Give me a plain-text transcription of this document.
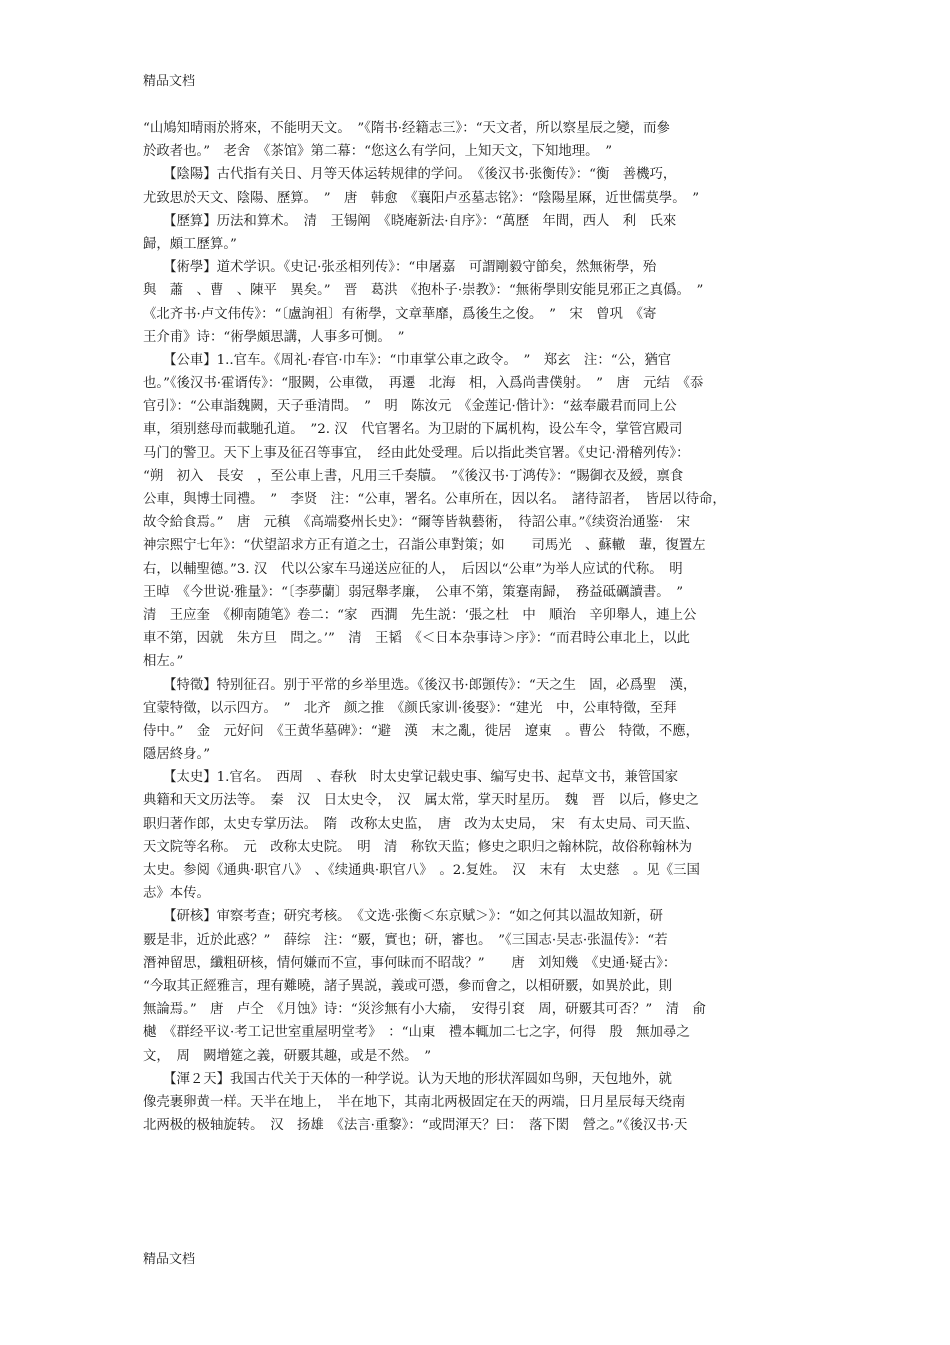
精品文档
“山鳩知晴雨於將來，不能明天文。　”《隋书·经籍志三》：“天文者，所以察星辰之變，而參
於政者也。”　老舍　《茶馆》第二幕：“您这么有学问，上知天文，下知地理。　”
　　【陰陽】古代指有关日、月等天体运转规律的学问。　《後汉书·张衡传》：“衡　善機巧，
尤致思於天文、陰陽、歷算。　”　唐　韩愈　《襄阳卢丞墓志铭》：“陰陽星厤，近世儒莫學。　”
　　【歷算】历法和算术。　清　王锡阐　《晓庵新法·自序》：“萬歷　年間，西人　利　氏來
歸，頗工歷算。”
　　【術學】道术学识。《史记·张丞相列传》：“申屠嘉　可謂剛毅守節矣，然無術學，殆
與　蕭　、曹　、陳平　異矣。”　晋　葛洪　《抱朴子·崇教》：“無術學則安能見邪正之真僞。　”
《北齐书·卢文伟传》：“〔盧詢祖〕有術學，文章華靡，爲後生之俊。　”　宋　曾巩　《寄
王介甫》诗：“術學頗思講，人事多可惻。　”
　　【公車】1..官车。《周礼·春官·巾车》：“巾車掌公車之政令。　”　郑玄　注：“公，猶官
也。”《後汉书·霍谞传》：“服闕，公車徵，　再遷　北海　相，入爲尚書僕射。　”　唐　元结　《忝
官引》：“公車詣魏闕，天子垂清問。　”　明　陈汝元　《金莲记·偕计》：“兹奉嚴君而同上公
車，須别慈母而載馳孔道。　”2. 汉　代官署名。为卫尉的下属机构，设公车令，掌管宫殿司
马门的警卫。天下上事及征召等事宜，　经由此处受理。后以指此类官署。《史记·滑稽列传》：
“朔　初入　長安　，至公車上書，凡用三千奏牘。　”《後汉书·丁鸿传》：“賜御衣及綬，禀食
公車，與博士同禮。　”　李贤　注：“公車，署名。公車所在，因以名。　諸待詔者，　皆居以待命，
故令給食焉。”　唐　元稹　《高端婺州长史》：“爾等皆執藝術，　待詔公車。”《续资治通鉴·　宋
神宗熙宁七年》：“伏望詔求方正有道之士，召詣公車對策；如　　司馬光　、蘇轍　輩，復置左
右，以輔聖德。”3. 汉　代以公家车马递送应征的人，　后因以“公車”为举人应试的代称。　明
王晫　《今世说·雅量》：“〔李夢蘭〕弱冠舉孝廉，　公車不第，策蹇南歸，　務益砥礪讀書。　”
清　王应奎　《柳南随笔》卷二：“家　西澗　先生説：‘張之杜　中　順治　辛卯舉人，連上公
車不第，因就　朱方旦　問之。’”　清　王韬　《＜日本杂事诗＞序》：“而君時公車北上，以此
相左。”
　　【特徵】特别征召。别于平常的乡举里选。《後汉书·郎顗传》：“天之生　固，必爲聖　漢，
宜蒙特徵，以示四方。　”　北齐　颜之推　《颜氏家训·後娶》：“建光　中，公車特徵，至拜
侍中。”　金　元好问　《王黄华墓碑》：“避　漢　末之亂，徙居　遼東　。曹公　特徵，不應，
隱居終身。”
　　【太史】1.官名。　西周　、春秋　时太史掌记载史事、编写史书、起草文书，兼管国家
典籍和天文历法等。　秦　汉　日太史令，　汉　属太常，掌天时星历。　魏　晋　以后，修史之
职归著作郎，太史专掌历法。　隋　改称太史监，　唐　改为太史局，　宋　有太史局、司天监、
天文院等名称。　元　改称太史院。　明　清　称钦天监；修史之职归之翰林院，故俗称翰林为
太史。参阅《通典·职官八》　、《续通典·职官八》　。2.复姓。　汉　末有　太史慈　。见《三国
志》本传。
　　【研核】审察考查；研究考核。　《文选·张衡＜东京赋＞》：“如之何其以温故知新，研
覈是非，近於此惑？”　薛综　注：“覈，實也；研，審也。　”《三国志·吴志·张温传》：“若
潛神留思，纖粗研核，情何嫌而不宣，事何昧而不昭哉？”　　唐　刘知幾　《史通·疑古》：
“今取其正經雅言，理有難曉，諸子異説，義或可憑，參而會之，以相研覈，如異於此，則
無論焉。”　唐　卢仝　《月蚀》诗：“災沴無有小大瘉，　安得引袞　周，研覈其可否？”　清　俞
樾　《群经平议·考工记世室重屋明堂考》　：“山東　禮本輒加二七之字，何得　殷　無加尋之
文，　周　闕增筵之義，研覈其趣，或是不然。　”
　　【渾２天】我国古代关于天体的一种学说。认为天地的形状浑圆如鸟卵，天包地外，就
像壳裹卵黄一样。天半在地上，　半在地下，其南北两极固定在天的两端，日月星辰每天绕南
北两极的极轴旋转。　汉　扬雄　《法言·重黎》：“或問渾天？曰：　落下閎　營之。”《後汉书·天
精品文档
